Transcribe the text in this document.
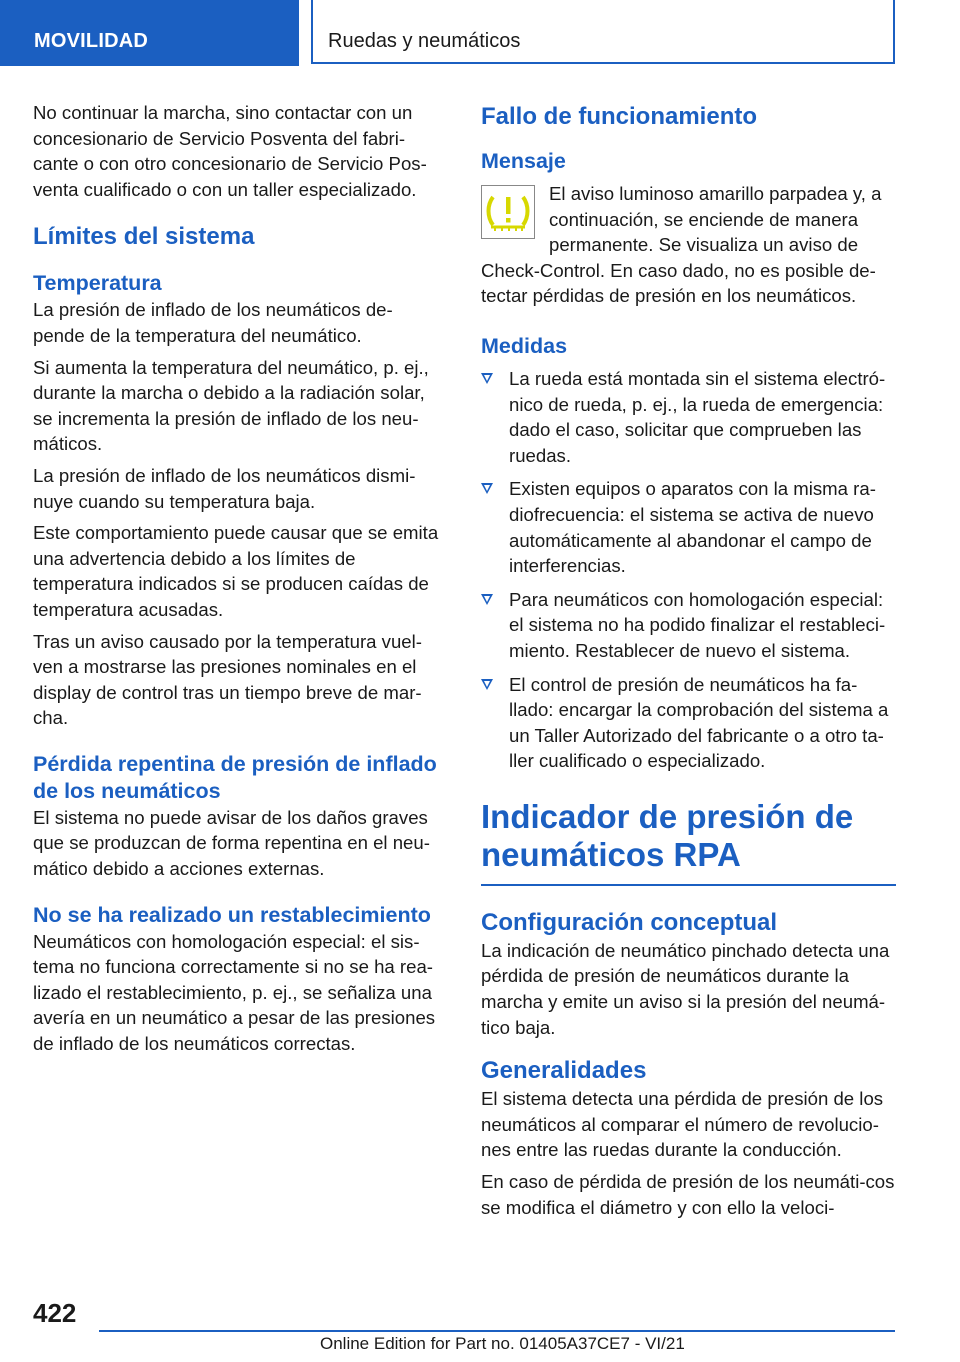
MOVILIDAD	Ruedas y neumáticos

No continuar la marcha, sino contactar con un concesionario de Servicio Posventa del fabri-cante o con otro concesionario de Servicio Pos-venta cualificado o con un taller especializado.

Límites del sistema
Temperatura

La presión de inflado de los neumáticos de-pende de la temperatura del neumático.

Si aumenta la temperatura del neumático, p. ej., durante la marcha o debido a la radiación solar, se incrementa la presión de inflado de los neu-máticos.

La presión de inflado de los neumáticos dismi-nuye cuando su temperatura baja.

Este comportamiento puede causar que se emita una advertencia debido a los límites de temperatura indicados si se producen caídas de temperatura acusadas.

Tras un aviso causado por la temperatura vuel-ven a mostrarse las presiones nominales en el display de control tras un tiempo breve de mar-cha.

Pérdida repentina de presión de inflado de los neumáticos

El sistema no puede avisar de los daños graves que se produzcan de forma repentina en el neu-mático debido a acciones externas.

No se ha realizado un restablecimiento

Neumáticos con homologación especial: el sis-tema no funciona correctamente si no se ha rea-lizado el restablecimiento, p. ej., se señaliza una avería en un neumático a pesar de las presiones de inflado de los neumáticos correctas.

Fallo de funcionamiento
Mensaje

El aviso luminoso amarillo parpadea y, a continuación, se enciende de manera permanente. Se visualiza un aviso de Check-Control. En caso dado, no es posible de-tectar pérdidas de presión en los neumáticos.

Medidas
La rueda está montada sin el sistema electró-nico de rueda, p. ej., la rueda de emergencia: dado el caso, solicitar que comprueben las ruedas.
Existen equipos o aparatos con la misma ra-diofrecuencia: el sistema se activa de nuevo automáticamente al abandonar el campo de interferencias.
Para neumáticos con homologación especial: el sistema no ha podido finalizar el restableci-miento. Restablecer de nuevo el sistema.
El control de presión de neumáticos ha fa-llado: encargar la comprobación del sistema a un Taller Autorizado del fabricante o a otro ta-ller cualificado o especializado.
Indicador de presión de neumáticos RPA
Configuración conceptual

La indicación de neumático pinchado detecta una pérdida de presión de neumáticos durante la marcha y emite un aviso si la presión del neumá-tico baja.

Generalidades

El sistema detecta una pérdida de presión de los neumáticos al comparar el número de revolucio-nes entre las ruedas durante la conducción.

En caso de pérdida de presión de los neumáti-cos se modifica el diámetro y con ello la veloci-

422
Online Edition for Part no. 01405A37CE7 - VI/21
